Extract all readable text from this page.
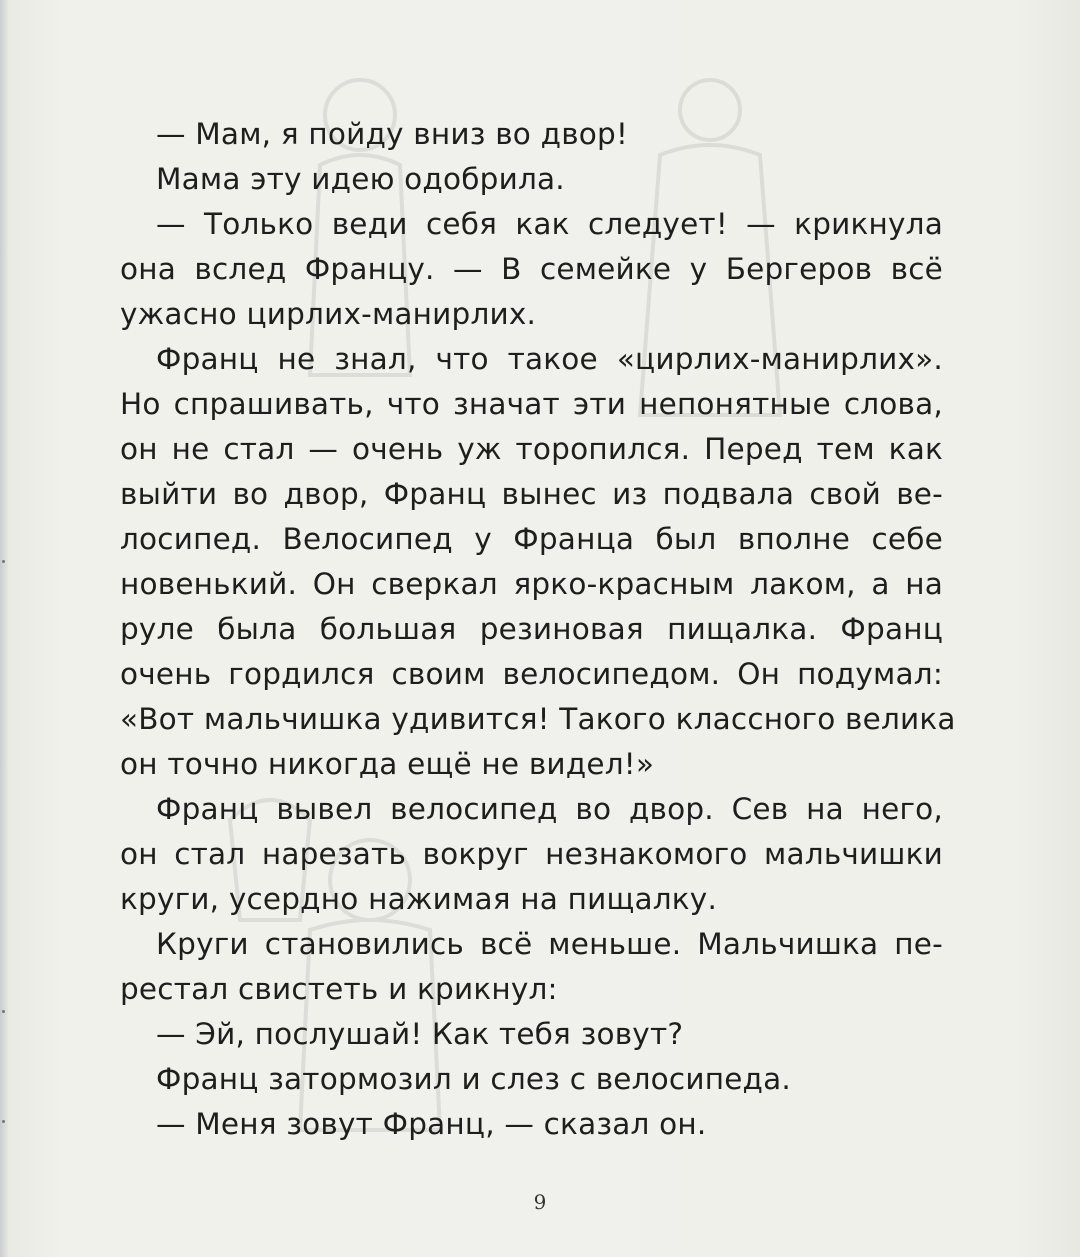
— Мам, я пойду вниз во двор!
Мама эту идею одобрила.
— Только веди себя как следует! — крикнула
она вслед Францу. — В семейке у Бергеров всё
ужасно цирлих-манирлих.
Франц не знал, что такое «цирлих-манирлих».
Но спрашивать, что значат эти непонятные слова,
он не стал — очень уж торопился. Перед тем как
выйти во двор, Франц вынес из подвала свой ве-
лосипед. Велосипед у Франца был вполне себе
новенький. Он сверкал ярко-красным лаком, а на
руле была большая резиновая пищалка. Франц
очень гордился своим велосипедом. Он подумал:
«Вот мальчишка удивится! Такого классного велика
он точно никогда ещё не видел!»
Франц вывел велосипед во двор. Сев на него,
он стал нарезать вокруг незнакомого мальчишки
круги, усердно нажимая на пищалку.
Круги становились всё меньше. Мальчишка пе-
рестал свистеть и крикнул:
— Эй, послушай! Как тебя зовут?
Франц затормозил и слез с велосипеда.
— Меня зовут Франц, — сказал он.
9
